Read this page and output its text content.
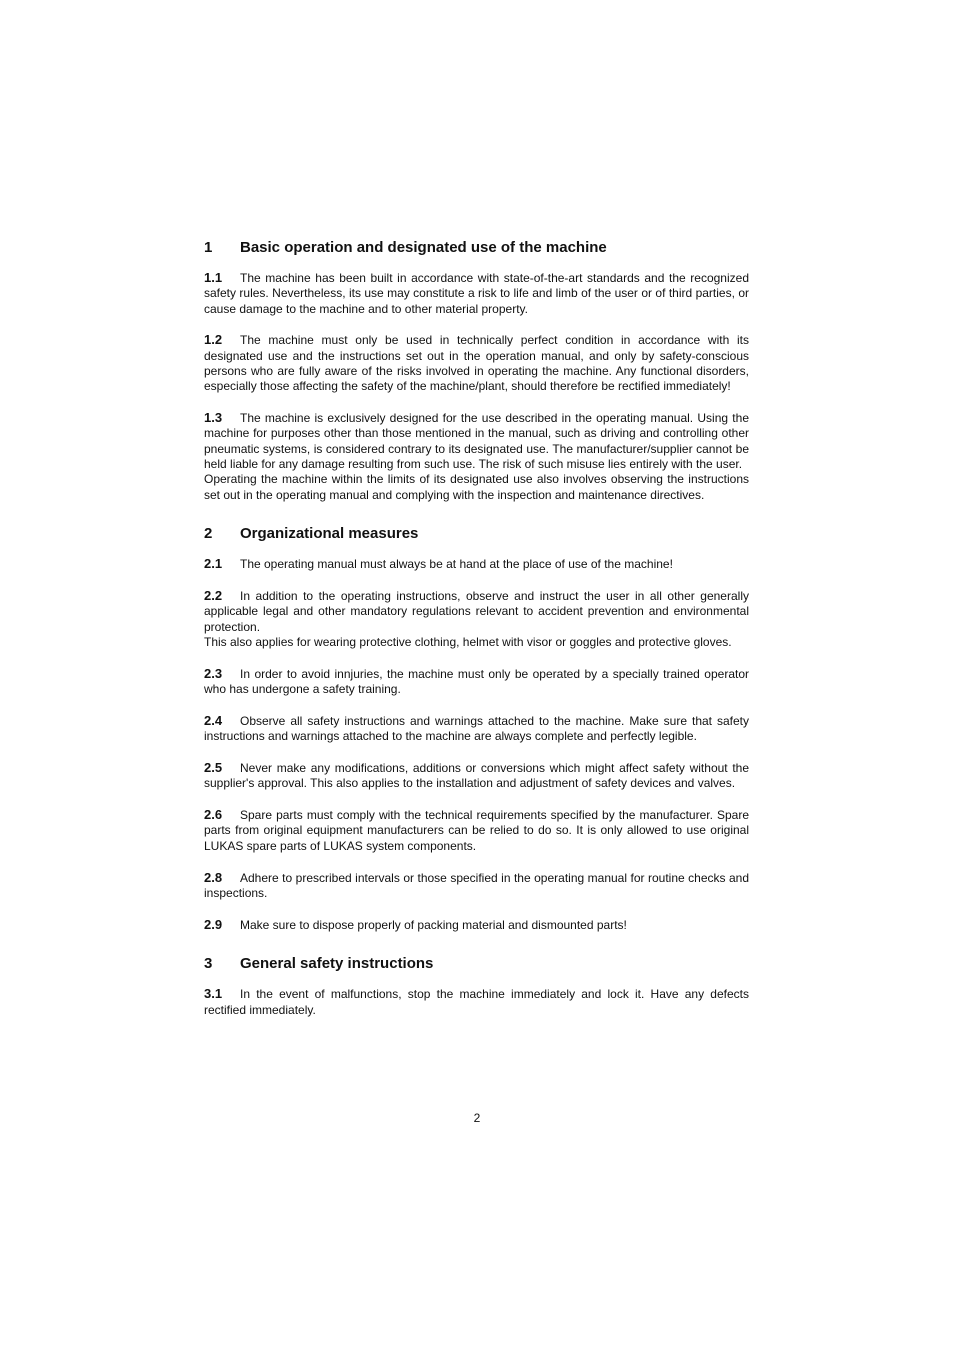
1	Basic operation and designated use of the machine

1.1 The machine has been built in accordance with state-of-the-art standards and the recognized safety rules. Nevertheless, its use may constitute a risk to life and limb of the user or of third parties, or cause damage to the machine and to other material property.

1.2 The machine must only be used in technically perfect condition in accordance with its designated use and the instructions set out in the operation manual, and only by safety-conscious persons who are fully aware of the risks involved in operating the machine. Any functional disorders, especially those affecting the safety of the machine/plant, should therefore be rectified immediately!

1.3 The machine is exclusively designed for the use described in the operating manual. Using the machine for purposes other than those mentioned in the manual, such as driving and controlling other pneumatic systems, is considered contrary to its designated use. The manufacturer/supplier cannot be held liable for any damage resulting from such use. The risk of such misuse lies entirely with the user.
Operating the machine within the limits of its designated use also involves observing the instructions set out in the operating manual and complying with the inspection and maintenance directives.

2	Organizational measures

2.1 The operating manual must always be at hand at the place of use of the machine!

2.2 In addition to the operating instructions, observe and instruct the user in all other generally applicable legal and other mandatory regulations relevant to accident prevention and environmental protection.
This also applies for wearing protective clothing, helmet with visor or goggles and protective gloves.

2.3 In order to avoid innjuries, the machine must only be operated by a specially trained operator who has undergone a safety training.

2.4 Observe all safety instructions and warnings attached to the machine. Make sure that safety instructions and warnings attached to the machine are always complete and perfectly legible.

2.5 Never make any modifications, additions or conversions which might affect safety without the supplier's approval. This also applies to the installation and adjustment of safety devices and valves.

2.6 Spare parts must comply with the technical requirements specified by the manufacturer. Spare parts from original equipment manufacturers can be relied to do so. It is only allowed to use original LUKAS spare parts of LUKAS system components.

2.8 Adhere to prescribed intervals or those specified in the operating manual for routine checks and inspections.

2.9 Make sure to dispose properly of packing material and dismounted parts!

3	General safety instructions

3.1 In the event of malfunctions, stop the machine immediately and lock it. Have any defects rectified immediately.

2
